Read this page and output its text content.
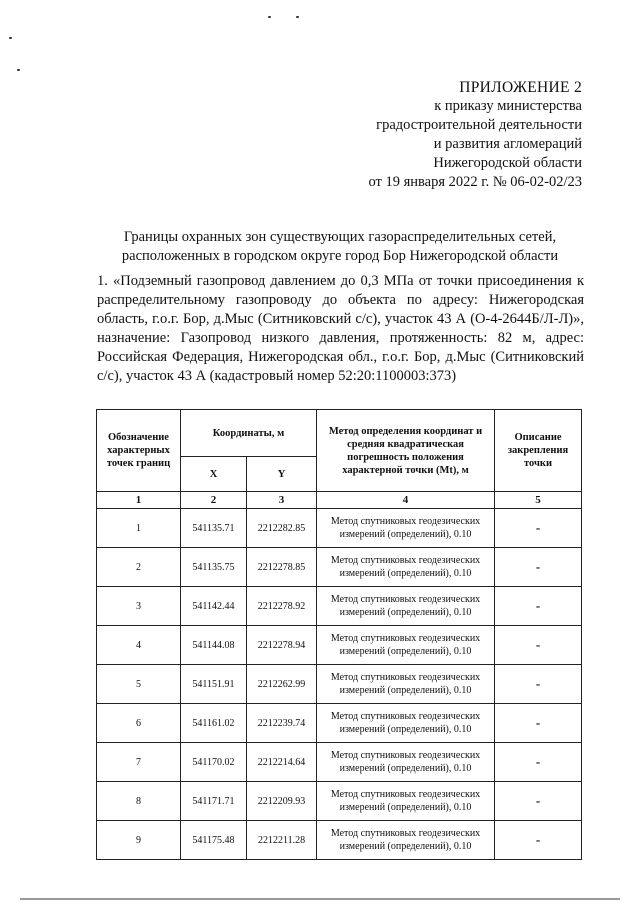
ПРИЛОЖЕНИЕ 2
к приказу министерства
градостроительной деятельности
и развития агломераций
Нижегородской области
от 19 января 2022 г. № 06-02-02/23
Границы охранных зон существующих газораспределительных сетей,
расположенных в городском округе город Бор Нижегородской области
1. «Подземный газопровод давлением до 0,3 МПа от точки присоединения к распределительному газопроводу до объекта по адресу: Нижегородская область, г.о.г. Бор, д.Мыс (Ситниковский с/с), участок 43 А (О-4-2644Б/Л-Л)», назначение: Газопровод низкого давления, протяженность: 82 м, адрес: Российская Федерация, Нижегородская обл., г.о.г. Бор, д.Мыс (Ситниковский с/с), участок 43 А (кадастровый номер 52:20:1100003:373)
Обозначение характерных точек границ	Координаты, м		Метод определения координат и средняя квадратическая погрешность положения характерной точки (Mt), м	Описание закрепления точки
	X	Y		
1	2	3	4	5
1	541135.71	2212282.85	Метод спутниковых геодезических измерений (определений), 0.10	-
2	541135.75	2212278.85	Метод спутниковых геодезических измерений (определений), 0.10	-
3	541142.44	2212278.92	Метод спутниковых геодезических измерений (определений), 0.10	-
4	541144.08	2212278.94	Метод спутниковых геодезических измерений (определений), 0.10	-
5	541151.91	2212262.99	Метод спутниковых геодезических измерений (определений), 0.10	-
6	541161.02	2212239.74	Метод спутниковых геодезических измерений (определений), 0.10	-
7	541170.02	2212214.64	Метод спутниковых геодезических измерений (определений), 0.10	-
8	541171.71	2212209.93	Метод спутниковых геодезических измерений (определений), 0.10	-
9	541175.48	2212211.28	Метод спутниковых геодезических измерений (определений), 0.10	-
